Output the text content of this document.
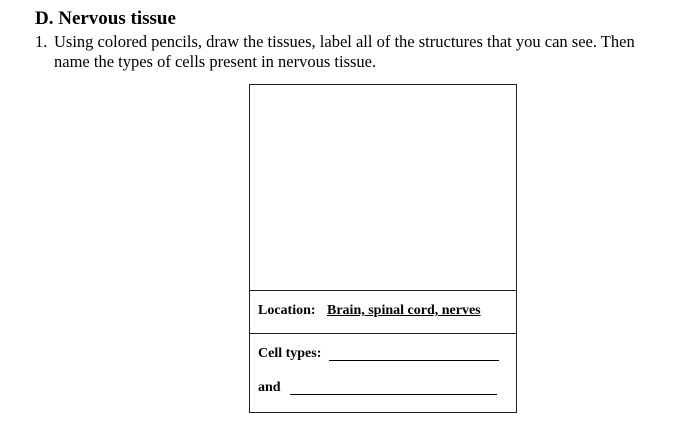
D. Nervous tissue
1. Using colored pencils, draw the tissues, label all of the structures that you can see. Then
name the types of cells present in nervous tissue.
Location: Brain, spinal cord, nerves
Cell types:
and
